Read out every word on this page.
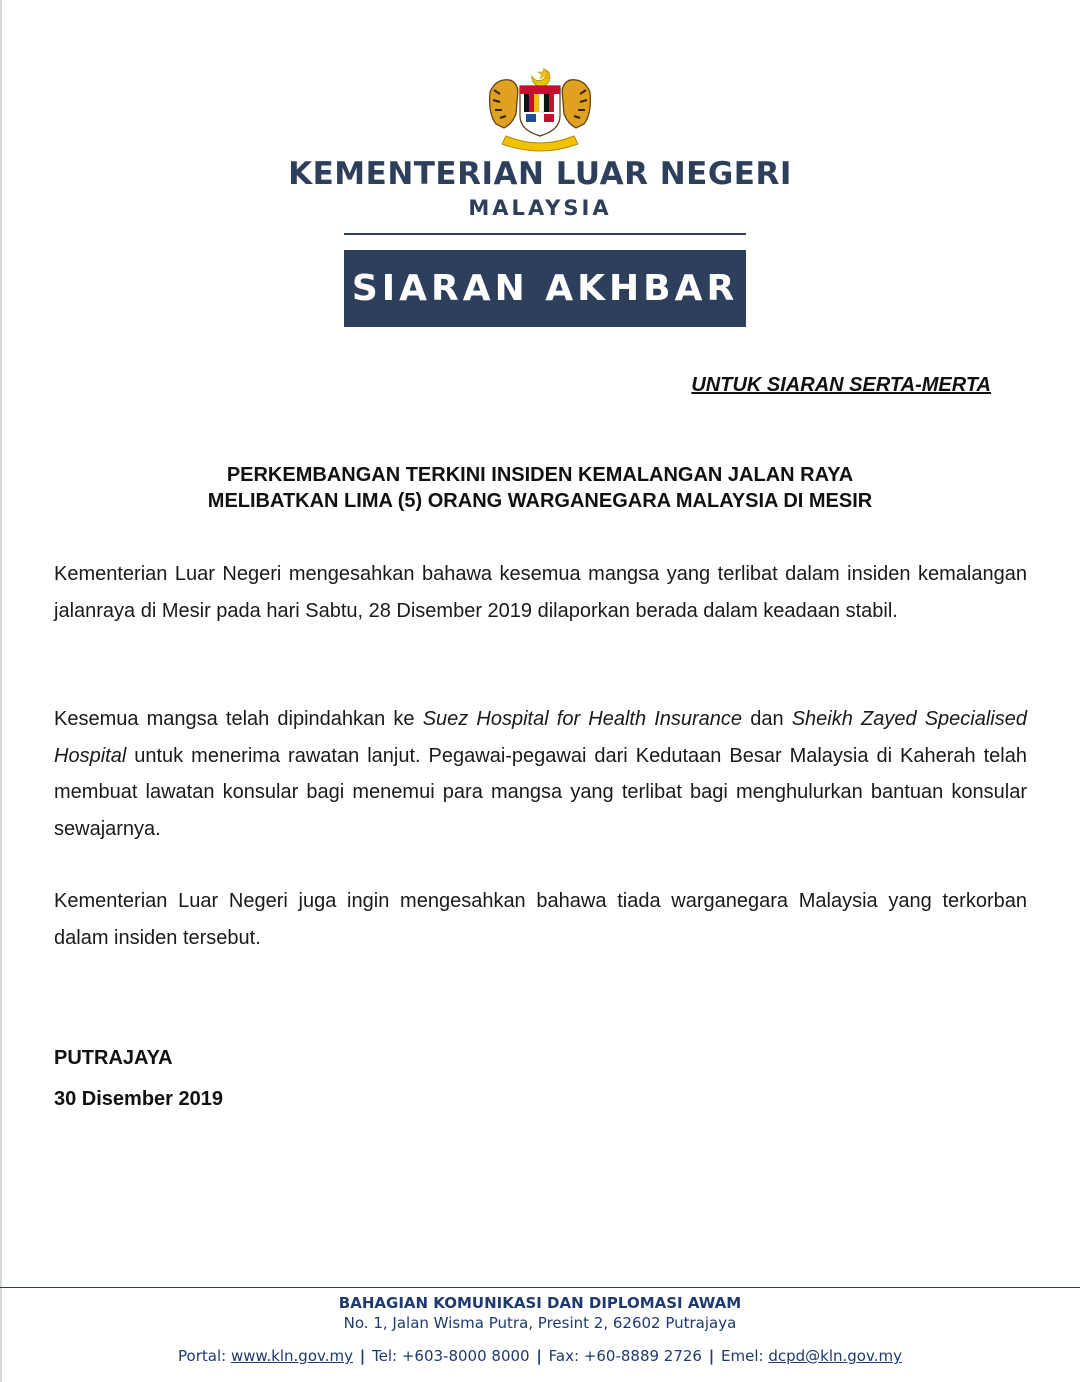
KEMENTERIAN LUAR NEGERI
MALAYSIA
SIARAN AKHBAR
UNTUK SIARAN SERTA-MERTA
PERKEMBANGAN TERKINI INSIDEN KEMALANGAN JALAN RAYA
MELIBATKAN LIMA (5) ORANG WARGANEGARA MALAYSIA DI MESIR
Kementerian Luar Negeri mengesahkan bahawa kesemua mangsa yang terlibat dalam insiden kemalangan jalanraya di Mesir pada hari Sabtu, 28 Disember 2019 dilaporkan berada dalam keadaan stabil.
Kesemua mangsa telah dipindahkan ke Suez Hospital for Health Insurance dan Sheikh Zayed Specialised Hospital untuk menerima rawatan lanjut. Pegawai-pegawai dari Kedutaan Besar Malaysia di Kaherah telah membuat lawatan konsular bagi menemui para mangsa yang terlibat bagi menghulurkan bantuan konsular sewajarnya.
Kementerian Luar Negeri juga ingin mengesahkan bahawa tiada warganegara Malaysia yang terkorban dalam insiden tersebut.
PUTRAJAYA
30 Disember 2019
BAHAGIAN KOMUNIKASI DAN DIPLOMASI AWAM
No. 1, Jalan Wisma Putra, Presint 2, 62602 Putrajaya
Portal: www.kln.gov.my | Tel: +603-8000 8000 | Fax: +60-8889 2726 | Emel: dcpd@kln.gov.my
